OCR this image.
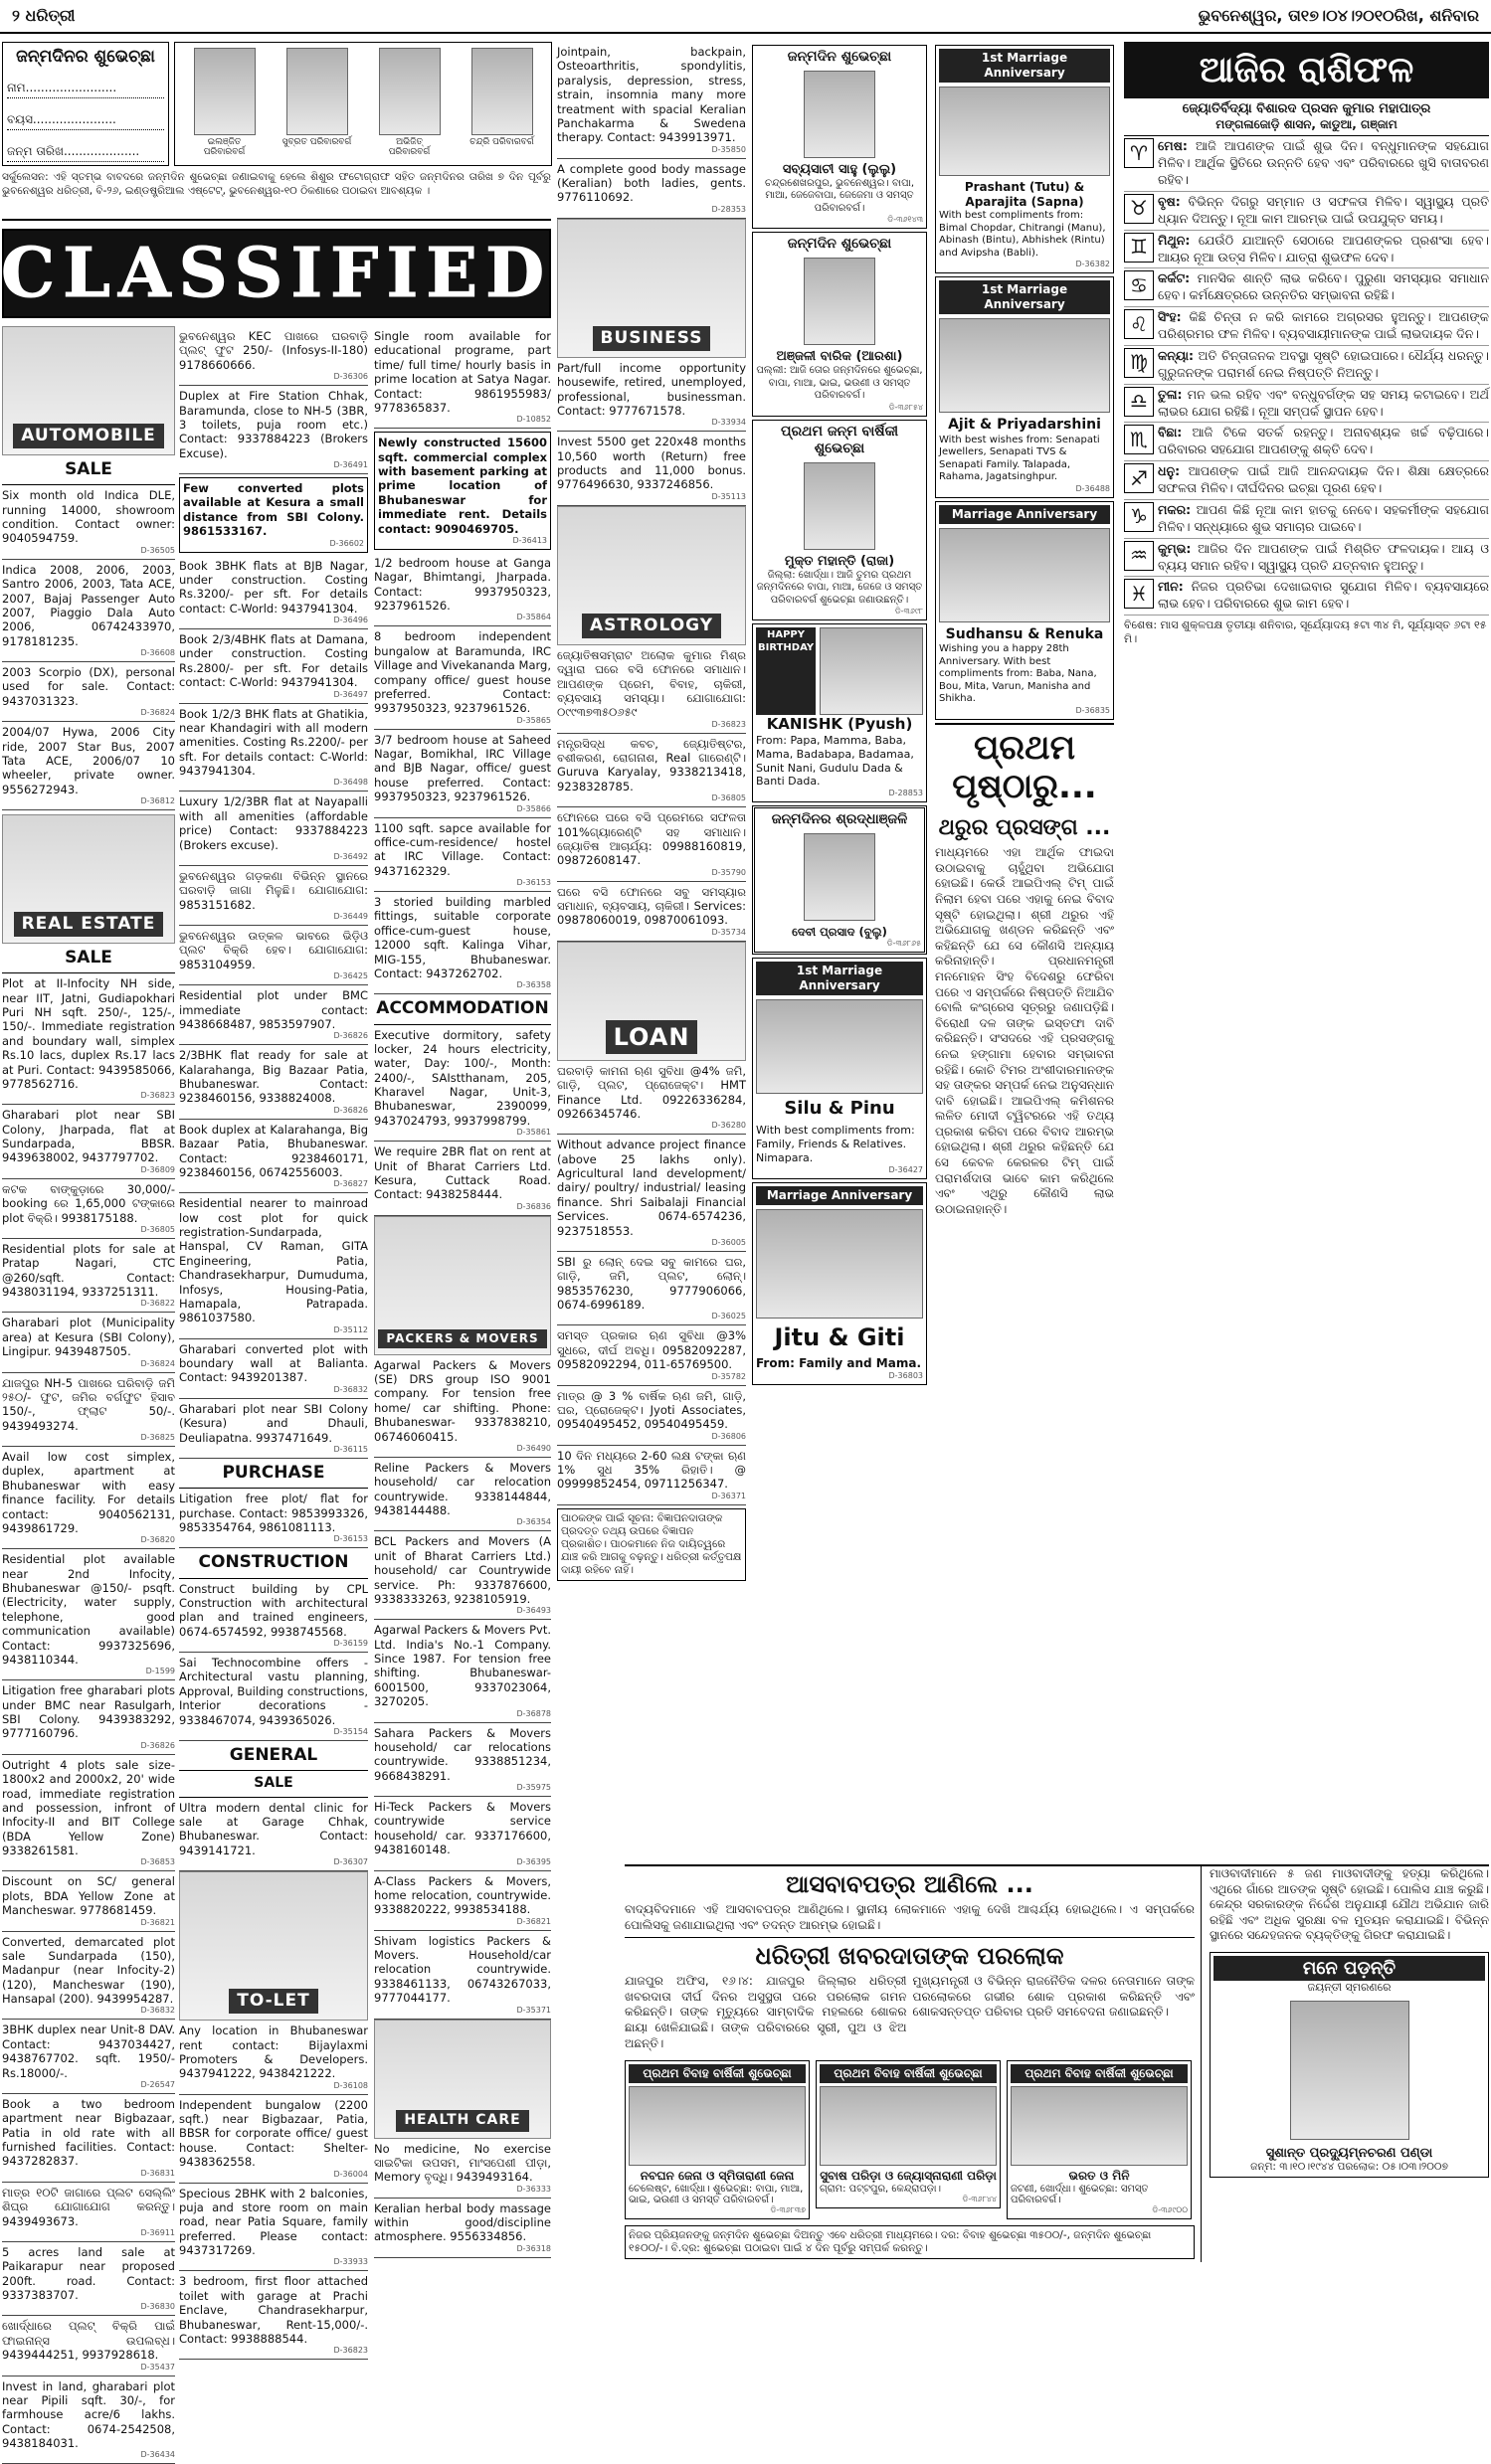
୨ ଧରିତ୍ରୀ	ଭୁବନେଶ୍ୱର, ତା୧୭।୦୪।୨୦୧୦ରିଖ, ଶନିବାର
ଜନ୍ମଦିନର ଶୁଭେଚ୍ଛା
ନାମ........................
ବୟସ......................
ଜନ୍ମ ତାରିଖ....................
ଇଲଞ୍ଜିତ ପରିବାରବର୍ଗ
ସୁବ୍ରତ ପରିବାରବର୍ଗ	ଅଭିଜିତ୍ ପରିବାରବର୍ଗ
ଚନ୍ଦ୍ରି ପରିବାରବର୍ଗ
ସର୍କୁଲେସନ: ଏହି ସ୍ତମ୍ଭ ବାବଦରେ ଜନ୍ମଦିନ ଶୁଭେଚ୍ଛା ଜଣାଇବାକୁ ହେଲେ ଶିଶୁର ଫଟୋଗ୍ରାଫ ସହିତ ଜନ୍ମଦିନର ତାରିଖ ୭ ଦିନ ପୂର୍ବରୁ ଭୁବନେଶ୍ୱର ଧରିତ୍ରୀ, ବି-୨୬, ଇଣ୍ଡଷ୍ଟ୍ରିଆଲ ଏଷ୍ଟେଟ୍, ଭୁବନେଶ୍ୱର-୧୦ ଠିକଣାରେ ପଠାଇବା ଆବଶ୍ୟକ ।
CLASSIFIED
AUTOMOBILE
SALE
Six month old Indica DLE, running 14000, showroom condition. Contact owner: 9040594759.
D-36505
Indica 2008, 2006, 2003, Santro 2006, 2003, Tata ACE, 2007, Bajaj Passenger Auto 2007, Piaggio Dala Auto 2006, 06742433970, 9178181235.
D-36608
2003 Scorpio (DX), personal used for sale. Contact: 9437031323.
D-36824
2004/07 Hywa, 2006 City ride, 2007 Star Bus, 2007 Tata ACE, 2006/07 10 wheeler, private owner. 9556272943.
D-36812
REAL ESTATE
SALE
Plot at II-Infocity NH side, near IIT, Jatni, Gudiapokhari Puri NH sqft. 250/-, 125/-, 150/-. Immediate registration and boundary wall, simplex Rs.10 lacs, duplex Rs.17 lacs at Puri. Contact: 9439585066, 9778562716.
D-36823
Gharabari plot near SBI Colony, Jharpada, flat at Sundarpada, BBSR. 9439638002, 9437797702.
D-36809
କଟକ ବାଙ୍କୁଡ଼ାରେ 30,000/- booking ରେ 1,65,000 ଟଙ୍କାରେ plot ବିକ୍ରି। 9938175188.
D-36805
Residential plots for sale at Pratap Nagari, CTC @260/sqft. Contact: 9438031194, 9337251311.
D-36822
Gharabari plot (Municipality area) at Kesura (SBI Colony), Lingipur. 9439487505.
D-36824
ଯାଜପୁର NH-5 ପାଖରେ ଘରିବାଡ଼ି ଜମି ୨୫୦/- ଫୁଟ, ଜମିର ବର୍ଗଫୁଟ ହିସାବ 150/-, ଫ୍ଲାଟ 50/-. 9439493274.
D-36825
Avail low cost simplex, duplex, apartment at Bhubaneswar with easy finance facility. For details contact: 9040562131, 9439861729.
D-36820
Residential plot available near 2nd Infocity, Bhubaneswar @150/- psqft. (Electricity, water supply, telephone, good communication available) Contact: 9937325696, 9438110344.
D-1599
Litigation free gharabari plots under BMC near Rasulgarh, SBI Colony. 9439383292, 9777160796.
D-36826
Outright 4 plots sale size- 1800x2 and 2000x2, 20' wide road, immediate registration and possession, infront of Infocity-II and BIT College (BDA Yellow Zone) 9338261581.
D-36853
Discount on SC/ general plots, BDA Yellow Zone at Mancheswar. 9778681459.
D-36821
Converted, demarcated plot sale Sundarpada (150), Madanpur (near Infocity-2) (120), Mancheswar (190), Hansapal (200). 9439954287.
D-36832
3BHK duplex near Unit-8 DAV. Contact: 9437034427, 9438767702. sqft. 1950/- Rs.18000/-.
D-26547
Book a two bedroom apartment near Bigbazaar, Patia in old rate with all furnished facilities. Contact: 9437282837.
D-36831
ମାତ୍ର ୧୦ଟି ଜାଗାରେ ପ୍ଲଟ ସେଲ୍ଲିଂ ଶିଘ୍ର ଯୋଗାଯୋଗ କରନ୍ତୁ। 9439493673.
D-36911
5 acres land sale at Paikarapur near proposed 200ft. road. Contact: 9337383707.
D-36830
ଖୋର୍ଦ୍ଧାରେ ପ୍ଲଟ୍ ବିକ୍ରି ପାଇଁ ଫାଇନାନ୍ସ ଉପଲବ୍ଧ। 9439444251, 9937928618.
D-35437
Invest in land, gharabari plot near Pipili sqft. 30/-, for farmhouse acre/6 lakhs. Contact: 0674-2542508, 9438184031.
D-36434
ଭୁବନେଶ୍ୱର KEC ପାଖରେ ଘରବାଡ଼ି ପ୍ଲଟ୍ ଫୁଟ 250/- (Infosys-II-180) 9178660666.
D-36306
Duplex at Fire Station Chhak, Baramunda, close to NH-5 (3BR, 3 toilets, puja room etc.) Contact: 9337884223 (Brokers Excuse).
D-36491
Few converted plots available at Kesura a small distance from SBI Colony. 9861533167.
D-36602
Book 3BHK flats at BJB Nagar, under construction. Costing Rs.3200/- per sft. For details contact: C-World: 9437941304.
D-36496
Book 2/3/4BHK flats at Damana, under construction. Costing Rs.2800/- per sft. For details contact: C-World: 9437941304.
D-36497
Book 1/2/3 BHK flats at Ghatikia, near Khandagiri with all modern amenities. Costing Rs.2200/- per sft. For details contact: C-World: 9437941304.
D-36498
Luxury 1/2/3BR flat at Nayapalli with all amenities (affordable price) Contact: 9337884223 (Brokers excuse).
D-36492
ଭୁବନେଶ୍ୱର ଗଡ଼କଣା ବିଭିନ୍ନ ସ୍ଥାନରେ ଘରବାଡ଼ି ଜାଗା ମିଳୁଛି। ଯୋଗାଯୋଗ: 9853151682.
D-36449
ଭୁବନେଶ୍ୱର ଉତ୍କଳ ଭାବରେ ଭିଡ଼ିଓ ପ୍ଲଟ ବିକ୍ରି ହେବ। ଯୋଗାଯୋଗ: 9853104959.
D-36425
Residential plot under BMC immediate contact: 9438668487, 9853597907.
D-36826
2/3BHK flat ready for sale at Kalarahanga, Big Bazaar Patia, Bhubaneswar. Contact: 9238460156, 9338824008.
D-36826
Book duplex at Kalarahanga, Big Bazaar Patia, Bhubaneswar. Contact: 9238460171, 9238460156, 06742556003.
D-36827
Residential nearer to mainroad low cost plot for quick registration-Sundarpada, Hanspal, CV Raman, GITA Engineering, Patia, Chandrasekharpur, Dumuduma, Infosys, Housing-Patia, Hamapala, Patrapada. 9861037580.
D-35112
Gharabari converted plot with boundary wall at Balianta. Contact: 9439201387.
D-36832
Gharabari plot near SBI Colony (Kesura) and Dhauli, Deuliapatna. 9937471649.
D-36115
PURCHASE
Litigation free plot/ flat for purchase. Contact: 9853993326, 9853354764, 9861081113.
D-36153
CONSTRUCTION
Construct building by CPL Construction with architectural plan and trained engineers, 0674-6574592, 9938745568.
D-36159
Sai Technocombine offers - Architectural vastu planning, Approval, Building constructions, Interior decorations - 9338467074, 9439365026.
D-35154
GENERAL
SALE
Ultra modern dental clinic for sale at Garage Chhak, Bhubaneswar. Contact: 9439141721.
D-36307
TO-LET
Any location in Bhubaneswar rent contact: Bijaylaxmi Promoters & Developers. 9437941222, 9438421222.
D-36108
Independent bungalow (2200 sqft.) near Bigbazaar, Patia, BBSR for corporate office/ guest house. Contact: Shelter-9438362558.
D-36004
Specious 2BHK with 2 balconies, puja and store room on main road, near Patia Square, family preferred. Please contact: 9437317269.
D-33933
3 bedroom, first floor attached toilet with garage at Prachi Enclave, Chandrasekharpur, Bhubaneswar, Rent-15,000/-. Contact: 9938888544.
D-36823
Single room available for educational programe, part time/ full time/ hourly basis in prime location at Satya Nagar. Contact: 9861955983/ 9778365837.
D-10852
Newly constructed 15600 sqft. commercial complex with basement parking at prime location of Bhubaneswar for immediate rent. Details contact: 9090469705.
D-36413
1/2 bedroom house at Ganga Nagar, Bhimtangi, Jharpada. Contact: 9937950323, 9237961526.
D-35864
8 bedroom independent bungalow at Baramunda, IRC Village and Vivekananda Marg, company office/ guest house preferred. Contact: 9937950323, 9237961526.
D-35865
3/7 bedroom house at Saheed Nagar, Bomikhal, IRC Village and BJB Nagar, office/ guest house preferred. Contact: 9937950323, 9237961526.
D-35866
1100 sqft. sapce available for office-cum-residence/ hostel at IRC Village. Contact: 9437162329.
D-36153
3 storied building marbled fittings, suitable corporate office-cum-guest house, 12000 sqft. Kalinga Vihar, MIG-155, Bhubaneswar. Contact: 9437262702.
D-36358
ACCOMMODATION
Executive dormitory, safety locker, 24 hours electricity, water, Day: 100/-, Month: 2400/-, SAIstthanam, 205, Kharavel Nagar, Unit-3, Bhubaneswar, 2390099, 9437024793, 9937998799.
D-35861
We require 2BR flat on rent at Unit of Bharat Carriers Ltd. Kesura, Cuttack Road. Contact: 9438258444.
D-36836
PACKERS & MOVERS
Agarwal Packers & Movers (SE) DRS group ISO 9001 company. For tension free home/ car shifting. Phone: Bhubaneswar- 9337838210, 06746060415.
D-36490
Reline Packers & Movers household/ car relocation countrywide. 9338144844, 9438144488.
D-36354
BCL Packers and Movers (A unit of Bharat Carriers Ltd.) household/ car Countrywide service. Ph: 9337876600, 9338333263, 9238105919.
D-36493
Agarwal Packers & Movers Pvt. Ltd. India's No.-1 Company. Since 1987. For tension free shifting. Bhubaneswar- 6001500, 9337023064, 3270205.
D-36878
Sahara Packers & Movers household/ car relocations countrywide. 9338851234, 9668438291.
D-35975
Hi-Teck Packers & Movers countrywide service household/ car. 9337176600, 9438160148.
D-36395
A-Class Packers & Movers, home relocation, countrywide. 9338820222, 9938534188.
D-36821
Shivam logistics Packers & Movers. Household/car relocation countrywide. 9338461133, 06743267033, 9777044177.
D-35371
HEALTH CARE
No medicine, No exercise ସାଇଟିକା ଉପସମ, ମାଂସପେଶୀ ପୀଡ଼ା, Memory ବୃଦ୍ଧି। 9439493164.
D-36333
Keralian herbal body massage within good/discipline atmosphere. 9556334856.
D-36318
Jointpain, backpain, Osteoarthritis, spondylitis, paralysis, depression, stress, strain, insomnia many more treatment with spacial Keralian Panchakarma & Swedena therapy. Contact: 9439913971.
D-35850
A complete good body massage (Keralian) both ladies, gents. 9776110692.
D-28353
BUSINESS
Part/full income opportunity housewife, retired, unemployed, professional, businessman. Contact: 9777671578.
D-33934
Invest 5500 get 220x48 months 10,560 worth (Return) free products and 11,000 bonus. 9776496630, 9337246856.
D-35113
ASTROLOGY
ଜ୍ୟୋତିଷସମ୍ରାଟ ଅଲୋକ କୁମାର ମିଶ୍ର ଦ୍ୱାରା ଘରେ ବସି ଫୋନରେ ସମାଧାନ। ଆପଣଙ୍କ ପ୍ରେମ, ବିବାହ, ଚାକିରୀ, ବ୍ୟବସାୟ ସମସ୍ୟା। ଯୋଗାଯୋଗ: ୦୯୯୩୭୩୫୦୬୫୯
D-36823
ମନ୍ତ୍ରସିଦ୍ଧ କବଚ, ଜ୍ୟୋତିଷ୍ଟର, ବଶୀକରଣ, ରୋଗନାଶ, Real ଗାରେଣ୍ଟି। Guruva Karyalay, 9338213418, 9238328785.
D-36805
ଫୋନରେ ଘରେ ବସି ପ୍ରେମରେ ସଫଳତା 101%ଗ୍ୟାରେଣ୍ଟି ସହ ସମାଧାନ। ଜ୍ୟୋତିଷ ଆଚାର୍ଯ୍ୟ: 09988160819, 09872608147.
D-35790
ଘରେ ବସି ଫୋନରେ ସବୁ ସମସ୍ୟାର ସମାଧାନ, ବ୍ୟବସାୟ, ଚାକିରୀ। Services: 09878060019, 09870061093.
D-35734
LOAN
ଘରବାଡ଼ି କାମନା ଋଣ ସୁବିଧା @4% ଜମି, ଗାଡ଼ି, ପ୍ଲଟ, ପ୍ରୋଜେକ୍ଟ। HMT Finance Ltd. 09226336284, 09266345746.
D-36280
Without advance project finance (above 25 lakhs only). Agricultural land development/ dairy/ poultry/ industrial/ leasing finance. Shri Saibalaji Financial Services. 0674-6574236, 9237518553.
D-36005
SBI ରୁ ଲୋନ୍ ଦେଇ ସବୁ କାମରେ ଘର, ଗାଡ଼ି, ଜମି, ପ୍ଲଟ, ଲୋନ୍। 9853576230, 9777906066, 0674-6996189.
D-36025
ସମସ୍ତ ପ୍ରକାର ଋଣ ସୁବିଧା @3% ସୁଧରେ, ଦୀର୍ଘ ଅବଧି। 09582092287, 09582092294, 011-65769500.
D-35782
ମାତ୍ର @ 3 % ବାର୍ଷିକ ଋଣ ଜମି, ଗାଡ଼ି, ଘର, ପ୍ରୋଜେକ୍ଟ। Jyoti Associates, 09540495452, 09540495459.
D-36806
10 ଦିନ ମଧ୍ୟରେ 2-60 ଲକ୍ଷ ଟଙ୍କା ଋଣ 1% ସୁଧ 35% ରିହାତି। @ 09999852454, 09711256347.
D-36371
ପାଠକଙ୍କ ପାଇଁ ସୂଚନା: ବିଜ୍ଞାପନଦାତାଙ୍କ ପ୍ରଦତ୍ତ ତଥ୍ୟ ଉପରେ ବିଜ୍ଞାପନ ପ୍ରକାଶିତ। ପାଠକମାନେ ନିଜ ଦାୟିତ୍ୱରେ ଯାଞ୍ଚ କରି ଆଗକୁ ବଢ଼ନ୍ତୁ। ଧରିତ୍ରୀ କର୍ତ୍ତୃପକ୍ଷ ଦାୟୀ ରହିବେ ନାହିଁ।
ଜନ୍ମଦିନ ଶୁଭେଚ୍ଛା
ସବ୍ୟସାଚୀ ସାହୁ (ଲୁଲୁ)
ଚନ୍ଦ୍ରଶେଖରପୁର, ଭୁବନେଶ୍ୱର। ବାପା, ମାଆ, ଜେଜେବାପା, ଜେଜେମା ଓ ସମସ୍ତ ପରିବାରବର୍ଗ।
ଡି-୩୬୧୪୩
ଜନ୍ମଦିନ ଶୁଭେଚ୍ଛା
ଅଞ୍ଜଳୀ ବାରିକ (ଆରଶା)
ପଲ୍ଲୀ: ଆଜି ତୋର ଜନ୍ମଦିନରେ ଶୁଭେଚ୍ଛା, ବାପା, ମାଆ, ଭାଇ, ଭଉଣୀ ଓ ସମସ୍ତ ପରିବାରବର୍ଗ।
ଡି-୩୬୮୫୪
ପ୍ରଥମ ଜନ୍ମ ବାର୍ଷିକୀ ଶୁଭେଚ୍ଛା
ମୁକ୍ତ ମହାନ୍ତି (ରାଜା)
ଜିଲ୍ଲା: ଖୋର୍ଦ୍ଧା। ଆଜି ତୁମର ପ୍ରଥମ ଜନ୍ମଦିନରେ ବାପା, ମାଆ, ଜେଜେ ଓ ସମସ୍ତ ପରିବାରବର୍ଗ ଶୁଭେଚ୍ଛା ଜଣାଉଛନ୍ତି।
ଡି-୩୬୯୮
HAPPY BIRTHDAY
KANISHK (Pyush)
From: Papa, Mamma, Baba, Mama, Badabapa, Badamaa, Sunit Nani, Gudulu Dada & Banti Dada.
D-28853
ଜନ୍ମଦିନର ଶ୍ରଦ୍ଧାଞ୍ଜଳି
ଦେବୀ ପ୍ରସାଦ (ବୁଲୁ)
ଡି-୩୬୮୬୫
1st Marriage Anniversary
Silu & Pinu
With best compliments from: Family, Friends & Relatives. Nimapara.
D-36427
Marriage Anniversary
Jitu & Giti
From: Family and Mama.
D-36803
1st Marriage Anniversary
Prashant (Tutu) & Aparajita (Sapna)
With best compliments from: Bimal Chopdar, Chitrangi (Manu), Abinash (Bintu), Abhishek (Rintu) and Avipsha (Babli).
D-36382
1st Marriage Anniversary
Ajit & Priyadarshini
With best wishes from: Senapati Jewellers, Senapati TVS & Senapati Family. Talapada, Rahama, Jagatsinghpur.
D-36488
Marriage Anniversary
Sudhansu & Renuka
Wishing you a happy 28th Anniversary. With best compliments from: Baba, Nana, Bou, Mita, Varun, Manisha and Shikha.
D-36835
ପ୍ରଥମ ପୃଷ୍ଠାରୁ...
ଥରୁର ପ୍ରସଙ୍ଗ ...
ମାଧ୍ୟମରେ ଏହା ଆର୍ଥିକ ଫାଇଦା ଉଠାଇବାକୁ ଚାହୁଁଥିବା ଅଭିଯୋଗ ହୋଇଛି। କେଉଁ ଆଇପିଏଲ୍ ଟିମ୍ ପାଇଁ ନିଲାମ ହେବା ପରେ ଏହାକୁ ନେଇ ବିବାଦ ସୃଷ୍ଟି ହୋଇଥିଲା। ଶ୍ରୀ ଥରୁର ଏହି ଅଭିଯୋଗକୁ ଖଣ୍ଡନ କରିଛନ୍ତି ଏବଂ କହିଛନ୍ତି ଯେ ସେ କୌଣସି ଅନ୍ୟାୟ କରିନାହାନ୍ତି। ପ୍ରଧାନମନ୍ତ୍ରୀ ମନମୋହନ ସିଂହ ବିଦେଶରୁ ଫେରିବା ପରେ ଏ ସମ୍ପର୍କରେ ନିଷ୍ପତ୍ତି ନିଆଯିବ ବୋଲି କଂଗ୍ରେସ ସୂତ୍ରରୁ ଜଣାପଡ଼ିଛି। ବିରୋଧୀ ଦଳ ତାଙ୍କ ଇସ୍ତଫା ଦାବି କରିଛନ୍ତି। ସଂସଦରେ ଏହି ପ୍ରସଙ୍ଗକୁ ନେଇ ହଙ୍ଗାମା ହେବାର ସମ୍ଭାବନା ରହିଛି। କୋଚି ଟିମର ଅଂଶୀଦାରମାନଙ୍କ ସହ ତାଙ୍କର ସମ୍ପର୍କ ନେଇ ଅନୁସନ୍ଧାନ ଦାବି ହୋଇଛି। ଆଇପିଏଲ୍ କମିଶନର ଲଳିତ ମୋଦୀ ଟ୍ୱିଟରରେ ଏହି ତଥ୍ୟ ପ୍ରକାଶ କରିବା ପରେ ବିବାଦ ଆରମ୍ଭ ହୋଇଥିଲା। ଶ୍ରୀ ଥରୁର କହିଛନ୍ତି ଯେ ସେ କେବଳ କେରଳର ଟିମ୍ ପାଇଁ ପରାମର୍ଶଦାତା ଭାବେ କାମ କରିଥିଲେ ଏବଂ ଏଥିରୁ କୌଣସି ଲାଭ ଉଠାଇନାହାନ୍ତି।
ଆଜିର ରାଶିଫଳ
ଜ୍ୟୋତିର୍ବିଦ୍ୟା ବିଶାରଦ ପ୍ରସନ କୁମାର ମହାପାତ୍ର
ମଙ୍ଗଳାଜୋଡ଼ି ଶାସନ, କାଡୁଆ, ଗଞ୍ଜାମ
♈ ମେଷ: ଆଜି ଆପଣଙ୍କ ପାଇଁ ଶୁଭ ଦିନ। ବନ୍ଧୁମାନଙ୍କ ସହଯୋଗ ମିଳିବ। ଆର୍ଥିକ ସ୍ଥିତିରେ ଉନ୍ନତି ହେବ ଏବଂ ପରିବାରରେ ଖୁସି ବାତାବରଣ ରହିବ।
♉ ବୃଷ: ବିଭିନ୍ନ ଦିଗରୁ ସମ୍ମାନ ଓ ସଫଳତା ମିଳିବ। ସ୍ୱାସ୍ଥ୍ୟ ପ୍ରତି ଧ୍ୟାନ ଦିଅନ୍ତୁ। ନୂଆ କାମ ଆରମ୍ଭ ପାଇଁ ଉପଯୁକ୍ତ ସମୟ।
♊ ମିଥୁନ: ଯେଉଁଠି ଯାଆନ୍ତି ସେଠାରେ ଆପଣଙ୍କର ପ୍ରଶଂସା ହେବ। ଆୟର ନୂଆ ଉତ୍ସ ମିଳିବ। ଯାତ୍ରା ଶୁଭଫଳ ଦେବ।
♋ କର୍କଟ: ମାନସିକ ଶାନ୍ତି ଲାଭ କରିବେ। ପୁରୁଣା ସମସ୍ୟାର ସମାଧାନ ହେବ। କର୍ମକ୍ଷେତ୍ରରେ ଉନ୍ନତିର ସମ୍ଭାବନା ରହିଛି।
♌ ସିଂହ: କିଛି ଚିନ୍ତା ନ କରି କାମରେ ଅଗ୍ରସର ହୁଅନ୍ତୁ। ଆପଣଙ୍କ ପରିଶ୍ରମର ଫଳ ମିଳିବ। ବ୍ୟବସାୟୀମାନଙ୍କ ପାଇଁ ଲାଭଦାୟକ ଦିନ।
♍ କନ୍ୟା: ଅତି ଚିନ୍ତାଜନକ ଅବସ୍ଥା ସୃଷ୍ଟି ହୋଇପାରେ। ଧୈର୍ଯ୍ୟ ଧରନ୍ତୁ। ଗୁରୁଜନଙ୍କ ପରାମର୍ଶ ନେଇ ନିଷ୍ପତ୍ତି ନିଅନ୍ତୁ।
♎ ତୁଳା: ମନ ଭଲ ରହିବ ଏବଂ ବନ୍ଧୁବର୍ଗଙ୍କ ସହ ସମୟ କଟାଇବେ। ଅର୍ଥ ଲାଭର ଯୋଗ ରହିଛି। ନୂଆ ସମ୍ପର୍କ ସ୍ଥାପନ ହେବ।
♏ ବିଛା: ଆଜି ଟିକେ ସତର୍କ ରହନ୍ତୁ। ଅନାବଶ୍ୟକ ଖର୍ଚ୍ଚ ବଢ଼ିପାରେ। ପରିବାରର ସହଯୋଗ ଆପଣଙ୍କୁ ଶକ୍ତି ଦେବ।
♐ ଧନୁ: ଆପଣଙ୍କ ପାଇଁ ଆଜି ଆନନ୍ଦଦାୟକ ଦିନ। ଶିକ୍ଷା କ୍ଷେତ୍ରରେ ସଫଳତା ମିଳିବ। ଦୀର୍ଘଦିନର ଇଚ୍ଛା ପୂରଣ ହେବ।
♑ ମକର: ଆପଣ କିଛି ନୂଆ କାମ ହାତକୁ ନେବେ। ସହକର୍ମୀଙ୍କ ସହଯୋଗ ମିଳିବ। ସନ୍ଧ୍ୟାରେ ଶୁଭ ସମାଚାର ପାଇବେ।
♒ କୁମ୍ଭ: ଆଜିର ଦିନ ଆପଣଙ୍କ ପାଇଁ ମିଶ୍ରିତ ଫଳଦାୟକ। ଆୟ ଓ ବ୍ୟୟ ସମାନ ରହିବ। ସ୍ୱାସ୍ଥ୍ୟ ପ୍ରତି ଯତ୍ନବାନ ହୁଅନ୍ତୁ।
♓ ମୀନ: ନିଜର ପ୍ରତିଭା ଦେଖାଇବାର ସୁଯୋଗ ମିଳିବ। ବ୍ୟବସାୟରେ ଲାଭ ହେବ। ପରିବାରରେ ଶୁଭ କାମ ହେବ।
ବିଶେଷ: ମାସ ଶୁକ୍ଳପକ୍ଷ ତୃତୀୟା ଶନିବାର, ସୂର୍ଯ୍ୟୋଦୟ ୫ଟା ୩୪ ମି, ସୂର୍ଯ୍ୟାସ୍ତ ୬ଟା ୧୫ ମି।
ଆସବାବପତ୍ର ଆଣିଲେ ...
ବାଦ୍ୟବିଦମାନେ ଏହି ଆସବାବପତ୍ର ଆଣିଥିଲେ। ସ୍ଥାନୀୟ ଲୋକମାନେ ଏହାକୁ ଦେଖି ଆଶ୍ଚର୍ଯ୍ୟ ହୋଇଥିଲେ। ଏ ସମ୍ପର୍କରେ ପୋଲିସକୁ ଜଣାଯାଇଥିଲା ଏବଂ ତଦନ୍ତ ଆରମ୍ଭ ହୋଇଛି।
ଧରିତ୍ରୀ ଖବରଦାତାଙ୍କ ପରଲୋକ
ଯାଜପୁର ଅଫିସ, ୧୬।୪: ଯାଜପୁର ଜିଲ୍ଲାର ଧରିତ୍ରୀ ଖବରଦାତା ଦୀର୍ଘ ଦିନର ଅସୁସ୍ଥତା ପରେ ପରଲୋକ ଗମନ କରିଛନ୍ତି। ତାଙ୍କ ମୃତ୍ୟୁରେ ସାମ୍ବାଦିକ ମହଲରେ ଶୋକର ଛାୟା ଖେଳିଯାଇଛି। ତାଙ୍କ ପରିବାରରେ ସ୍ତ୍ରୀ, ପୁଅ ଓ ଝିଅ ଅଛନ୍ତି।
ମୁଖ୍ୟମନ୍ତ୍ରୀ ଓ ବିଭିନ୍ନ ରାଜନୈତିକ ଦଳର ନେତାମାନେ ତାଙ୍କ ପରଲୋକରେ ଗଭୀର ଶୋକ ପ୍ରକାଶ କରିଛନ୍ତି ଏବଂ ଶୋକସନ୍ତପ୍ତ ପରିବାର ପ୍ରତି ସମବେଦନା ଜଣାଇଛନ୍ତି।
ପ୍ରଥମ ବିବାହ ବାର୍ଷିକୀ ଶୁଭେଚ୍ଛା
ନବଘନ ଜେନା ଓ ସ୍ମିତାରାଣୀ ଜେନା
ଚେଲେଷ୍ଟ, ଖୋର୍ଦ୍ଧା। ଶୁଭେଚ୍ଛା: ବାପା, ମାଆ, ଭାଇ, ଭଉଣୀ ଓ ସମସ୍ତ ପରିବାରବର୍ଗ।
ଡି-୩୬୮୩୭
ପ୍ରଥମ ବିବାହ ବାର୍ଷିକୀ ଶୁଭେଚ୍ଛା
ସୁବାଷ ପରିଡ଼ା ଓ ଜ୍ୟୋସ୍ନାରାଣୀ ପରିଡ଼ା
ଗ୍ରାମ: ପଟ୍ଟପୁର, କେନ୍ଦ୍ରାପଡ଼ା।
ଡି-୩୬୮୪୪
ପ୍ରଥମ ବିବାହ ବାର୍ଷିକୀ ଶୁଭେଚ୍ଛା
ଭରତ ଓ ମିନି
ଜଟଣୀ, ଖୋର୍ଦ୍ଧା। ଶୁଭେଚ୍ଛା: ସମସ୍ତ ପରିବାରବର୍ଗ।
ଡି-୩୬୯୦୦
ନିଜର ପ୍ରିୟଜନଙ୍କୁ ଜନ୍ମଦିନ ଶୁଭେଚ୍ଛା ଦିଅନ୍ତୁ ଏବେ ଧରିତ୍ରୀ ମାଧ୍ୟମରେ। ଦର: ବିବାହ ଶୁଭେଚ୍ଛା ୩୫୦୦/-, ଜନ୍ମଦିନ ଶୁଭେଚ୍ଛା ୧୫୦୦/-। ବି.ଦ୍ର: ଶୁଭେଚ୍ଛା ପଠାଇବା ପାଇଁ ୪ ଦିନ ପୂର୍ବରୁ ସମ୍ପର୍କ କରନ୍ତୁ।
ମାଓବାଦୀମାନେ ୫ ଜଣ ମାଓବାଦୀଙ୍କୁ ହତ୍ୟା କରିଥିଲେ। ଏଥିରେ ଗାଁରେ ଆତଙ୍କ ସୃଷ୍ଟି ହୋଇଛି। ପୋଲିସ ଯାଞ୍ଚ କରୁଛି। କେନ୍ଦ୍ର ସରକାରଙ୍କ ନିର୍ଦ୍ଦେଶ ଅନୁଯାୟୀ ଯୌଥ ଅଭିଯାନ ଜାରି ରହିଛି ଏବଂ ଅଧିକ ସୁରକ୍ଷା ବଳ ମୁତୟନ କରାଯାଇଛି। ବିଭିନ୍ନ ସ୍ଥାନରେ ସନ୍ଦେହଜନକ ବ୍ୟକ୍ତିଙ୍କୁ ଗିରଫ କରାଯାଇଛି।
ମନେ ପଡ଼ନ୍ତି
ଜୟନ୍ତୀ ସ୍ମରଣରେ
ସୁଶାନ୍ତ ପ୍ରଦ୍ୟୁମ୍ନଚରଣ ପଣ୍ଡା
ଜନ୍ମ: ୩।୧୦।୧୯୪୪ ପରଲୋକ: ୦୫।୦୩।୨୦୦୭
